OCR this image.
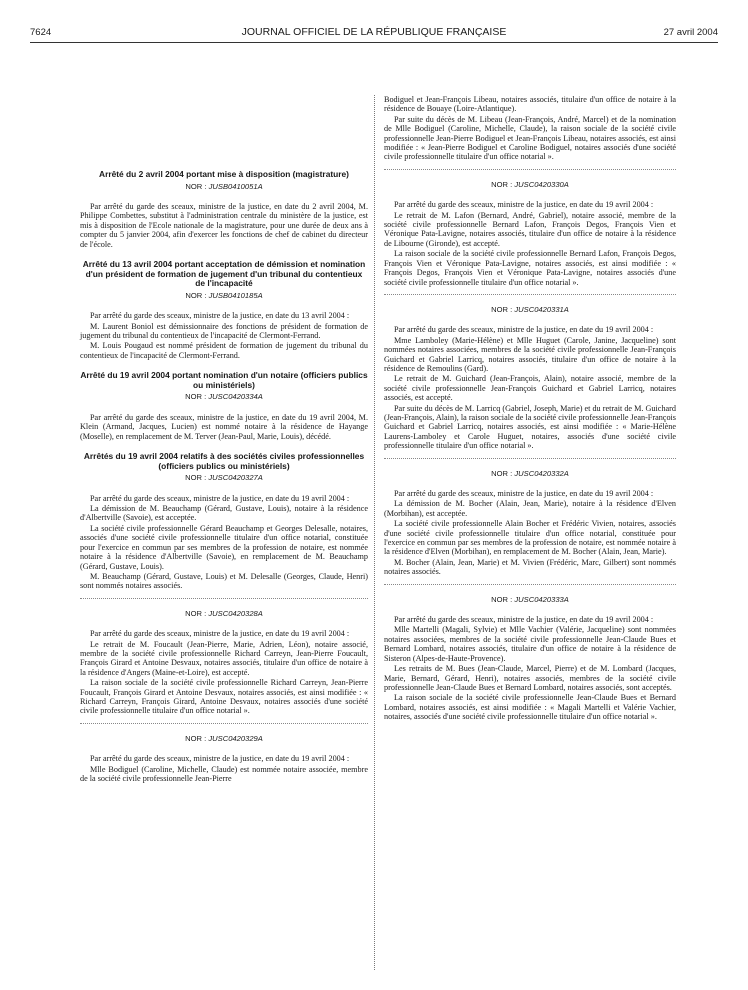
7624	JOURNAL OFFICIEL DE LA RÉPUBLIQUE FRANÇAISE	27 avril 2004
Arrêté du 2 avril 2004 portant mise à disposition (magistrature)
NOR : JUSB0410051A

Par arrêté du garde des sceaux, ministre de la justice, en date du 2 avril 2004, M. Philippe Combettes, substitut à l'administration centrale du ministère de la justice, est mis à disposition de l'Ecole nationale de la magistrature, pour une durée de deux ans à compter du 5 janvier 2004, afin d'exercer les fonctions de chef de cabinet du directeur de l'école.

Arrêté du 13 avril 2004 portant acceptation de démission et nomination d'un président de formation de jugement d'un tribunal du contentieux de l'incapacité
NOR : JUSB0410185A

Par arrêté du garde des sceaux, ministre de la justice, en date du 13 avril 2004 :

M. Laurent Boniol est démissionnaire des fonctions de président de formation de jugement du tribunal du contentieux de l'incapacité de Clermont-Ferrand.

M. Louis Pougaud est nommé président de formation de jugement du tribunal du contentieux de l'incapacité de Clermont-Ferrand.

Arrêté du 19 avril 2004 portant nomination d'un notaire (officiers publics ou ministériels)
NOR : JUSC0420334A

Par arrêté du garde des sceaux, ministre de la justice, en date du 19 avril 2004, M. Klein (Armand, Jacques, Lucien) est nommé notaire à la résidence de Hayange (Moselle), en remplacement de M. Terver (Jean-Paul, Marie, Louis), décédé.

Arrêtés du 19 avril 2004 relatifs à des sociétés civiles professionnelles (officiers publics ou ministériels)
NOR : JUSC0420327A

Par arrêté du garde des sceaux, ministre de la justice, en date du 19 avril 2004 :

La démission de M. Beauchamp (Gérard, Gustave, Louis), notaire à la résidence d'Albertville (Savoie), est acceptée.

La société civile professionnelle Gérard Beauchamp et Georges Delesalle, notaires, associés d'une société civile professionnelle titulaire d'un office notarial, constituée pour l'exercice en commun par ses membres de la profession de notaire, est nommée notaire à la résidence d'Albertville (Savoie), en remplacement de M. Beauchamp (Gérard, Gustave, Louis).

M. Beauchamp (Gérard, Gustave, Louis) et M. Delesalle (Georges, Claude, Henri) sont nommés notaires associés.

NOR : JUSC0420328A

Par arrêté du garde des sceaux, ministre de la justice, en date du 19 avril 2004 :

Le retrait de M. Foucault (Jean-Pierre, Marie, Adrien, Léon), notaire associé, membre de la société civile professionnelle Richard Carreyn, Jean-Pierre Foucault, François Girard et Antoine Desvaux, notaires associés, titulaire d'un office de notaire à la résidence d'Angers (Maine-et-Loire), est accepté.

La raison sociale de la société civile professionnelle Richard Carreyn, Jean-Pierre Foucault, François Girard et Antoine Desvaux, notaires associés, est ainsi modifiée : « Richard Carreyn, François Girard, Antoine Desvaux, notaires associés d'une société civile professionnelle titulaire d'un office notarial ».

NOR : JUSC0420329A

Par arrêté du garde des sceaux, ministre de la justice, en date du 19 avril 2004 :

Mlle Bodiguel (Caroline, Michelle, Claude) est nommée notaire associée, membre de la société civile professionnelle Jean-Pierre

Bodiguel et Jean-François Libeau, notaires associés, titulaire d'un office de notaire à la résidence de Bouaye (Loire-Atlantique).

Par suite du décès de M. Libeau (Jean-François, André, Marcel) et de la nomination de Mlle Bodiguel (Caroline, Michelle, Claude), la raison sociale de la société civile professionnelle Jean-Pierre Bodiguel et Jean-François Libeau, notaires associés, est ainsi modifiée : « Jean-Pierre Bodiguel et Caroline Bodiguel, notaires associés d'une société civile professionnelle titulaire d'un office notarial ».

NOR : JUSC0420330A

Par arrêté du garde des sceaux, ministre de la justice, en date du 19 avril 2004 :

Le retrait de M. Lafon (Bernard, André, Gabriel), notaire associé, membre de la société civile professionnelle Bernard Lafon, François Degos, François Vien et Véronique Pata-Lavigne, notaires associés, titulaire d'un office de notaire à la résidence de Libourne (Gironde), est accepté.

La raison sociale de la société civile professionnelle Bernard Lafon, François Degos, François Vien et Véronique Pata-Lavigne, notaires associés, est ainsi modifiée : « François Degos, François Vien et Véronique Pata-Lavigne, notaires associés d'une société civile professionnelle titulaire d'un office notarial ».

NOR : JUSC0420331A

Par arrêté du garde des sceaux, ministre de la justice, en date du 19 avril 2004 :

Mme Lamboley (Marie-Hélène) et Mlle Huguet (Carole, Janine, Jacqueline) sont nommées notaires associées, membres de la société civile professionnelle Jean-François Guichard et Gabriel Larricq, notaires associés, titulaire d'un office de notaire à la résidence de Remoulins (Gard).

Le retrait de M. Guichard (Jean-François, Alain), notaire associé, membre de la société civile professionnelle Jean-François Guichard et Gabriel Larricq, notaires associés, est accepté.

Par suite du décès de M. Larricq (Gabriel, Joseph, Marie) et du retrait de M. Guichard (Jean-François, Alain), la raison sociale de la société civile professionnelle Jean-François Guichard et Gabriel Larricq, notaires associés, est ainsi modifiée : « Marie-Hélène Laurens-Lamboley et Carole Huguet, notaires, associés d'une société civile professionnelle titulaire d'un office notarial ».

NOR : JUSC0420332A

Par arrêté du garde des sceaux, ministre de la justice, en date du 19 avril 2004 :

La démission de M. Bocher (Alain, Jean, Marie), notaire à la résidence d'Elven (Morbihan), est acceptée.

La société civile professionnelle Alain Bocher et Frédéric Vivien, notaires, associés d'une société civile professionnelle titulaire d'un office notarial, constituée pour l'exercice en commun par ses membres de la profession de notaire, est nommée notaire à la résidence d'Elven (Morbihan), en remplacement de M. Bocher (Alain, Jean, Marie).

M. Bocher (Alain, Jean, Marie) et M. Vivien (Frédéric, Marc, Gilbert) sont nommés notaires associés.

NOR : JUSC0420333A

Par arrêté du garde des sceaux, ministre de la justice, en date du 19 avril 2004 :

Mlle Martelli (Magali, Sylvie) et Mlle Vachier (Valérie, Jacqueline) sont nommées notaires associées, membres de la société civile professionnelle Jean-Claude Bues et Bernard Lombard, notaires associés, titulaire d'un office de notaire à la résidence de Sisteron (Alpes-de-Haute-Provence).

Les retraits de M. Bues (Jean-Claude, Marcel, Pierre) et de M. Lombard (Jacques, Marie, Bernard, Gérard, Henri), notaires associés, membres de la société civile professionnelle Jean-Claude Bues et Bernard Lombard, notaires associés, sont acceptés.

La raison sociale de la société civile professionnelle Jean-Claude Bues et Bernard Lombard, notaires associés, est ainsi modifiée : « Magali Martelli et Valérie Vachier, notaires, associés d'une société civile professionnelle titulaire d'un office notarial ».
